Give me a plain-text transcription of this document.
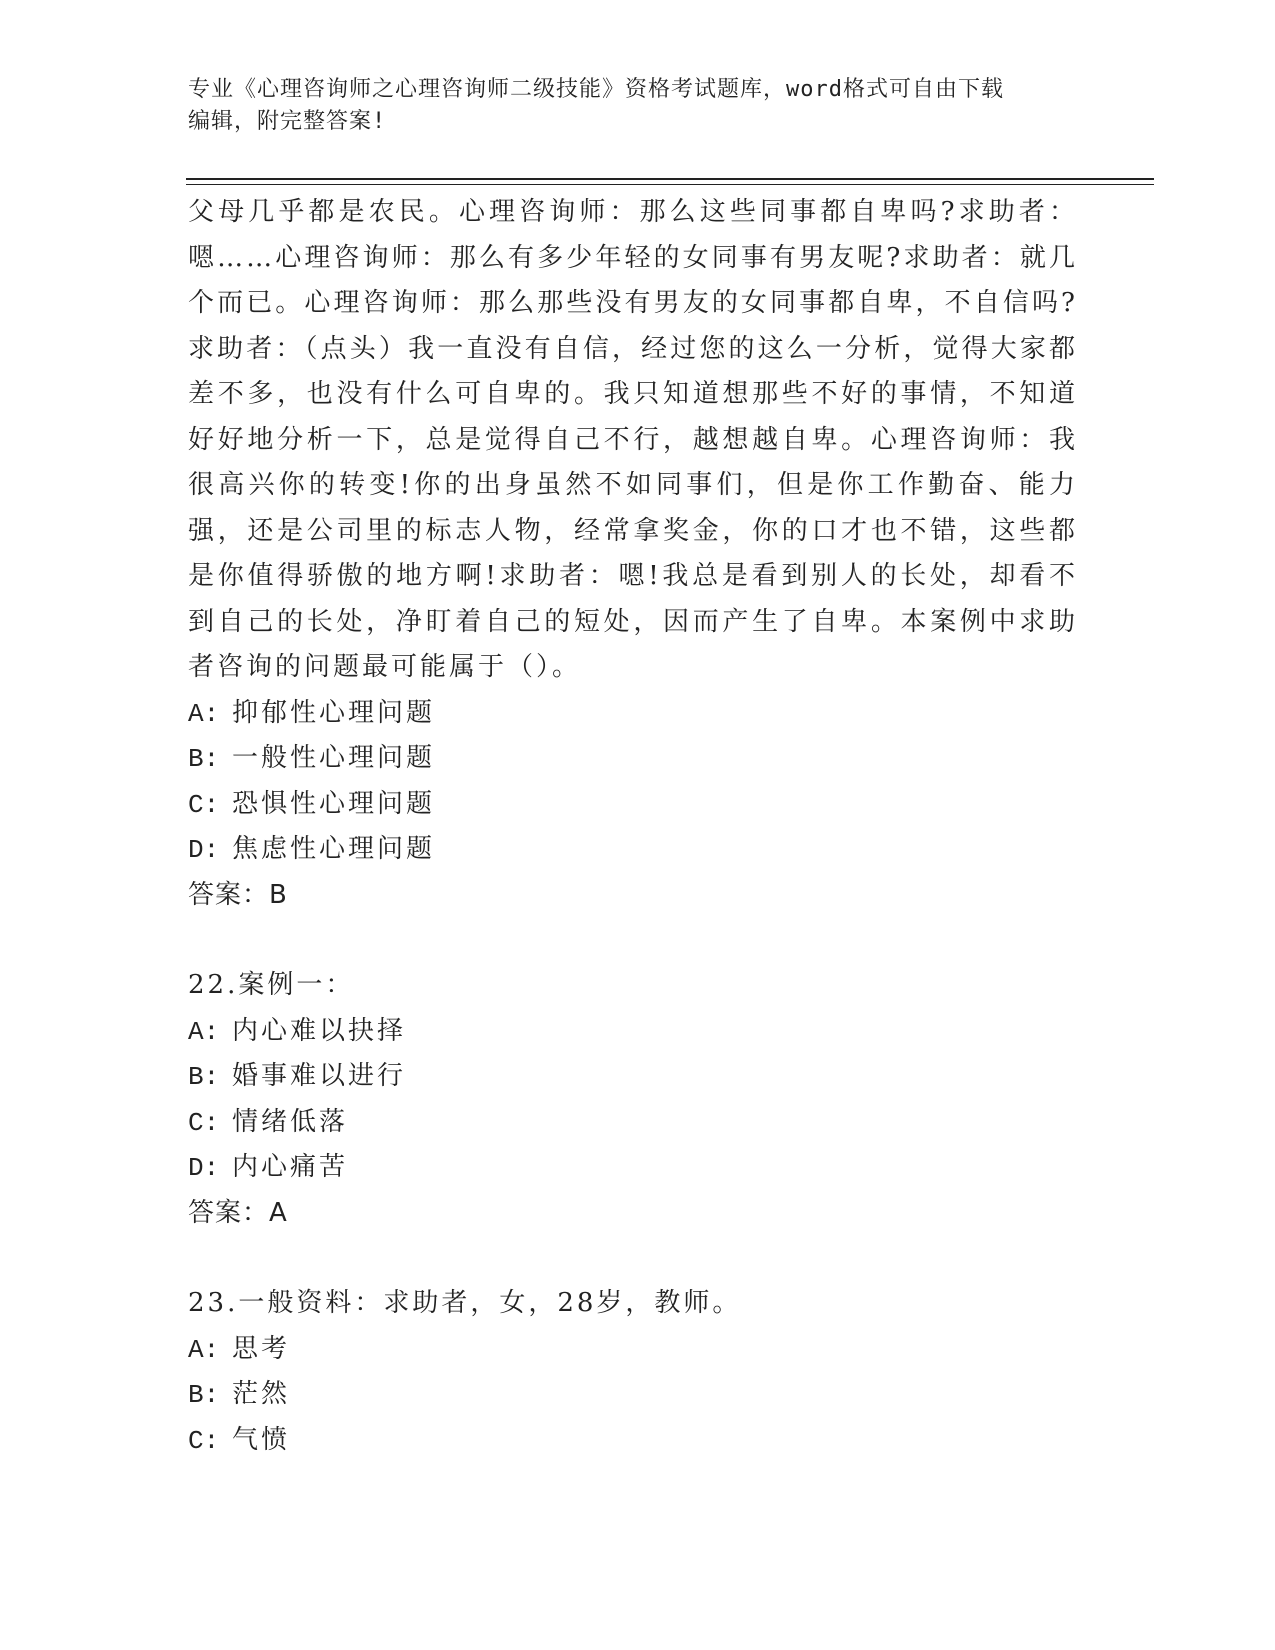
专业《心理咨询师之心理咨询师二级技能》资格考试题库，word格式可自由下载
编辑，附完整答案!

父母几乎都是农民。心理咨询师：那么这些同事都自卑吗?求助者：嗯……心理咨询师：那么有多少年轻的女同事有男友呢?求助者：就几个而已。心理咨询师：那么那些没有男友的女同事都自卑，不自信吗?求助者：（点头）我一直没有自信，经过您的这么一分析，觉得大家都差不多，也没有什么可自卑的。我只知道想那些不好的事情，不知道好好地分析一下，总是觉得自己不行，越想越自卑。心理咨询师：我很高兴你的转变!你的出身虽然不如同事们，但是你工作勤奋、能力强，还是公司里的标志人物，经常拿奖金，你的口才也不错，这些都是你值得骄傲的地方啊!求助者：嗯!我总是看到别人的长处，却看不到自己的长处，净盯着自己的短处，因而产生了自卑。本案例中求助者咨询的问题最可能属于（）。

A: 抑郁性心理问题
B: 一般性心理问题
C: 恐惧性心理问题
D: 焦虑性心理问题
答案：B
22.案例一：
A: 内心难以抉择
B: 婚事难以进行
C: 情绪低落
D: 内心痛苦
答案：A
23.一般资料：求助者，女，28岁，教师。
A: 思考
B: 茫然
C: 气愤
